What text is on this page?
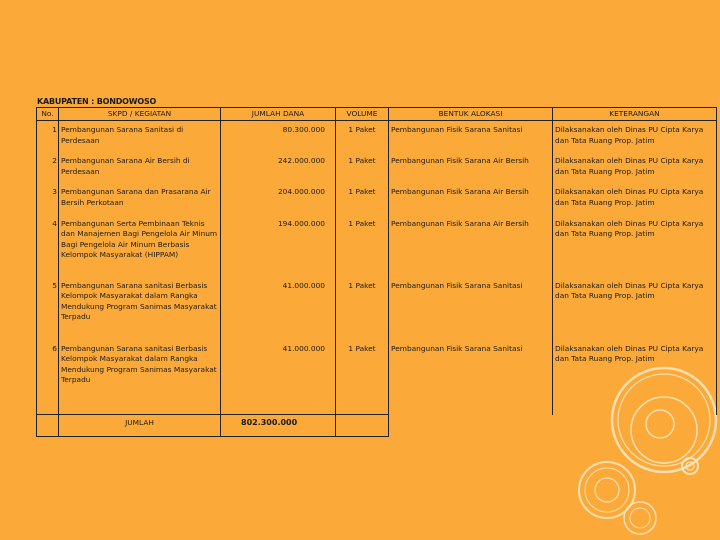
KABUPATEN : BONDOWOSO
No.	SKPD / KEGIATAN	JUMLAH DANA	VOLUME	BENTUK ALOKASI	KETERANGAN
1	Pembangunan Sarana Sanitasi di Perdesaan	80.300.000	1 Paket	Pembangunan Fisik Sarana Sanitasi	Dilaksanakan oleh Dinas PU Cipta Karya dan Tata Ruang Prop. Jatim
2	Pembangunan Sarana Air Bersih di Perdesaan	242.000.000	1 Paket	Pembangunan Fisik Sarana Air Bersih	Dilaksanakan oleh Dinas PU Cipta Karya dan Tata Ruang Prop. Jatim
3	Pembangunan Sarana dan Prasarana Air Bersih Perkotaan	204.000.000	1 Paket	Pembangunan Fisik Sarana Air Bersih	Dilaksanakan oleh Dinas PU Cipta Karya dan Tata Ruang Prop. Jatim
4	Pembangunan Serta Pembinaan Teknis dan Manajemen Bagi Pengelola Air Minum Bagi Pengelola Air Minum Berbasis Kelompok Masyarakat (HIPPAM)	194.000.000	1 Paket	Pembangunan Fisik Sarana Air Bersih	Dilaksanakan oleh Dinas PU Cipta Karya dan Tata Ruang Prop. Jatim
5	Pembangunan Sarana sanitasi Berbasis Kelompok Masyarakat dalam Rangka Mendukung Program Sanimas Masyarakat Terpadu	41.000.000	1 Paket	Pembangunan Fisik Sarana Sanitasi	Dilaksanakan oleh Dinas PU Cipta Karya dan Tata Ruang Prop. Jatim
6	Pembangunan Sarana sanitasi Berbasis Kelompok Masyarakat dalam Rangka Mendukung Program Sanimas Masyarakat Terpadu	41.000.000	1 Paket	Pembangunan Fisik Sarana Sanitasi	Dilaksanakan oleh Dinas PU Cipta Karya dan Tata Ruang Prop. Jatim
	JUMLAH	802.300.000			
